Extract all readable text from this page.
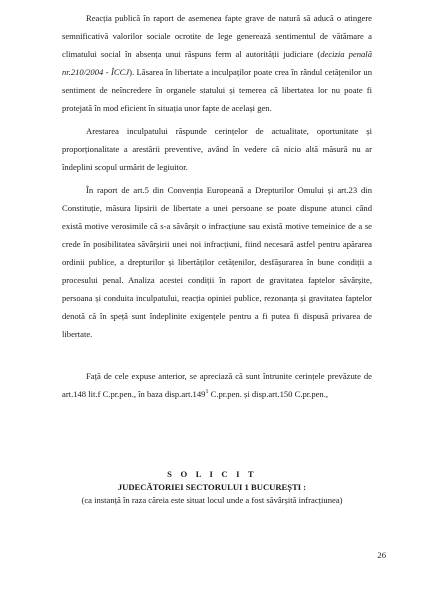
Reacția publică în raport de asemenea fapte grave de natură să aducă o atingere semnificativă valorilor sociale ocrotite de lege generează sentimentul de vătămare a climatului social în absența unui răspuns ferm al autorității judiciare (decizia penală nr.210/2004 - ÎCCJ). Lăsarea în libertate a inculpaților poate crea în rândul cetățenilor un sentiment de neîncredere în organele statului și temerea că libertatea lor nu poate fi protejată în mod eficient în situația unor fapte de același gen.

Arestarea inculpatului răspunde cerințelor de actualitate, oportunitate și proporționalitate a arestării preventive, având în vedere că nicio altă măsură nu ar îndeplini scopul urmărit de legiuitor.

În raport de art.5 din Convenția Europeană a Drepturilor Omului și art.23 din Constituție, măsura lipsirii de libertate a unei persoane se poate dispune atunci când există motive verosimile că s-a săvârșit o infracțiune sau există motive temeinice de a se crede în posibilitatea săvârșirii unei noi infracțiuni, fiind necesară astfel pentru apărarea ordinii publice, a drepturilor și libertăților cetățenilor, desfășurarea în bune condiții a procesului penal. Analiza acestei condiții în raport de gravitatea faptelor săvârșite, persoana și conduita inculpatului, reacția opiniei publice, rezonanța și gravitatea faptelor denotă că în speță sunt îndeplinite exigențele pentru a fi putea fi dispusă privarea de libertate.

Față de cele expuse anterior, se apreciază că sunt întrunite cerințele prevăzute de art.148 lit.f C.pr.pen., în baza disp.art.149$^1$ C.pr.pen. și disp.art.150 C.pr.pen.,

S O L I C I T

JUDECĂTORIEI SECTORULUI 1 BUCUREȘTI :

(ca instanță în raza căreia este situat locul unde a fost săvârșită infracțiunea)

26
